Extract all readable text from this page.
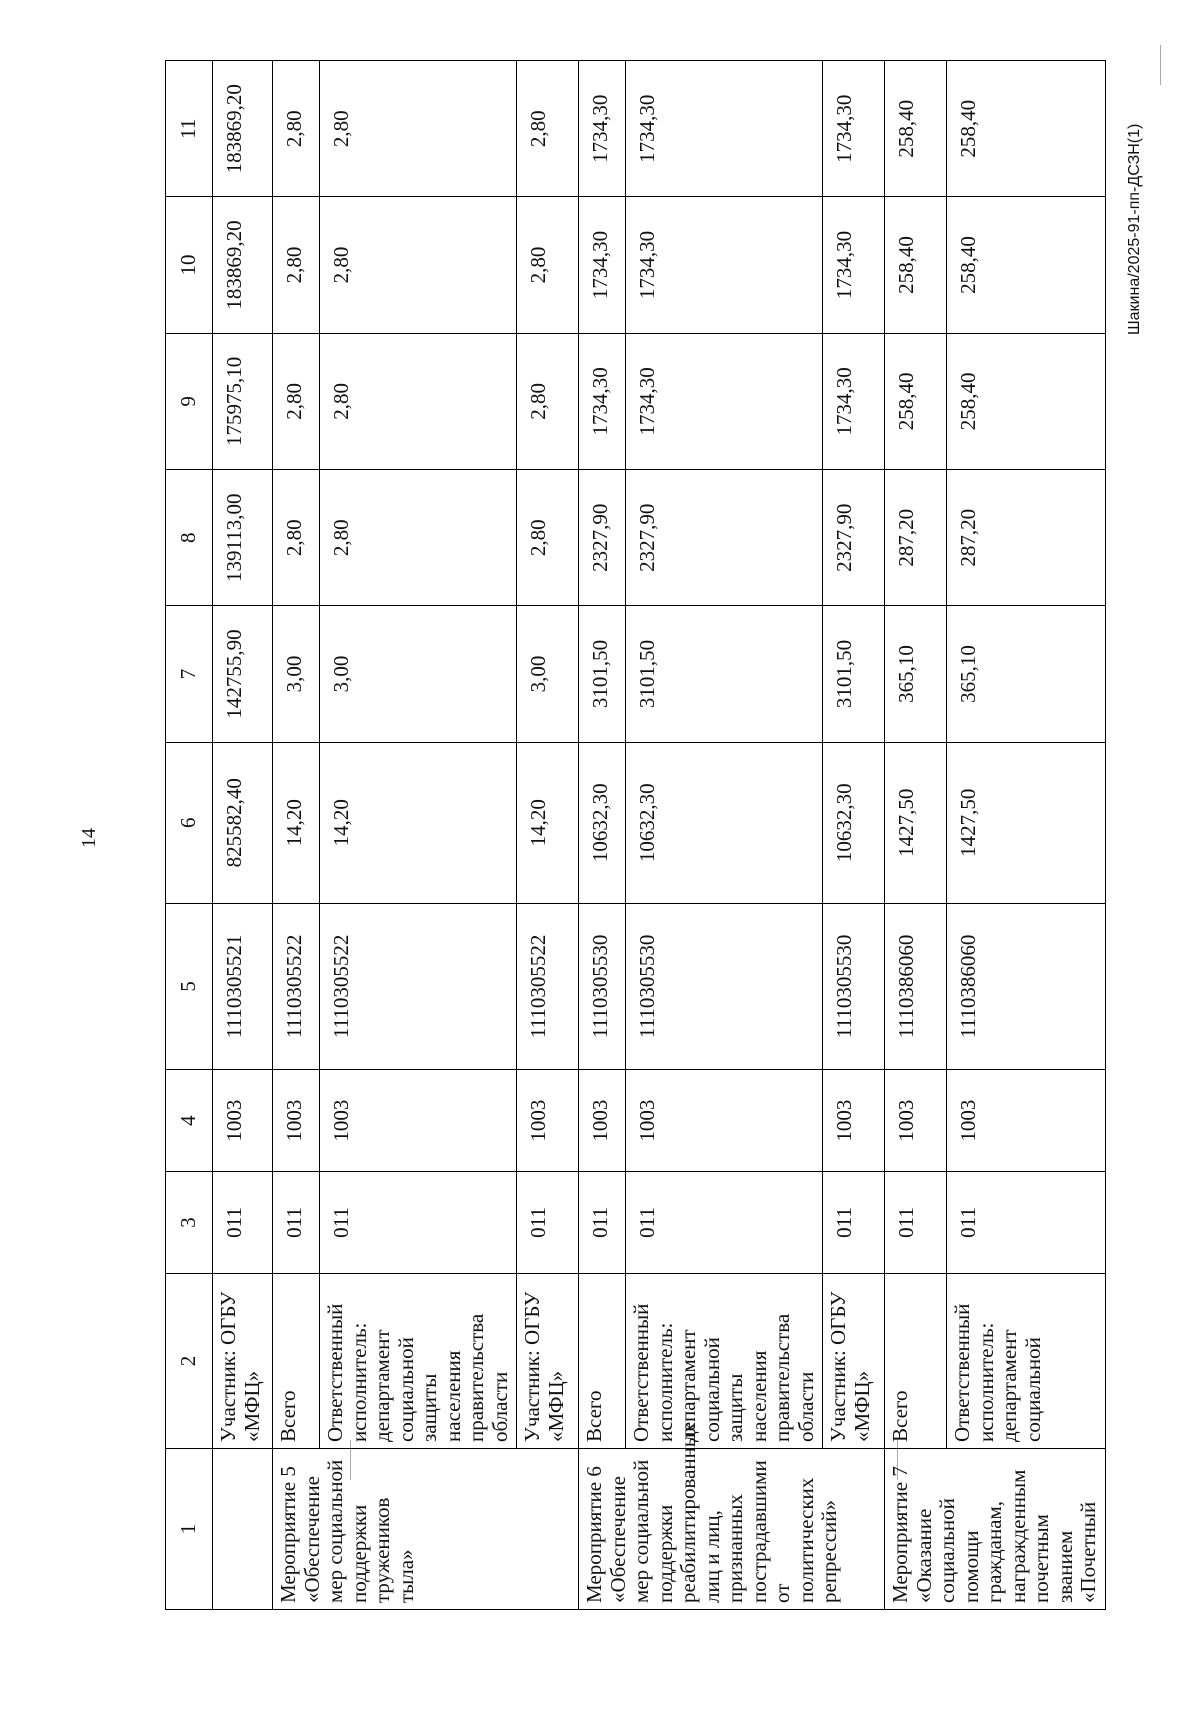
14
Шакина/2025-91-пп-ДСЗН(1)
1	2	3	4	5	6	7	8	9	10	11
	Участник: ОГБУ «МФЦ»	011	1003	1110305521	825582,40	142755,90	139113,00	175975,10	183869,20	183869,20
Мероприятие 5 «Обеспечение мер социальной поддержки тружеников тыла»	Всего	011	1003	1110305522	14,20	3,00	2,80	2,80	2,80	2,80
	Ответственный исполнитель: департамент социальной защиты населения правительства области	011	1003	1110305522	14,20	3,00	2,80	2,80	2,80	2,80
	Участник: ОГБУ «МФЦ»	011	1003	1110305522	14,20	3,00	2,80	2,80	2,80	2,80
Мероприятие 6 «Обеспечение мер социальной поддержки реабилитированных лиц и лиц, признанных пострадавшими от политических репрессий»	Всего	011	1003	1110305530	10632,30	3101,50	2327,90	1734,30	1734,30	1734,30
	Ответственный исполнитель: департамент социальной защиты населения правительства области	011	1003	1110305530	10632,30	3101,50	2327,90	1734,30	1734,30	1734,30
	Участник: ОГБУ «МФЦ»	011	1003	1110305530	10632,30	3101,50	2327,90	1734,30	1734,30	1734,30
Мероприятие 7 «Оказание социальной помощи гражданам, награжденным почетным званием «Почетный	Всего	011	1003	1110386060	1427,50	365,10	287,20	258,40	258,40	258,40
	Ответственный исполнитель: департамент социальной	011	1003	1110386060	1427,50	365,10	287,20	258,40	258,40	258,40
